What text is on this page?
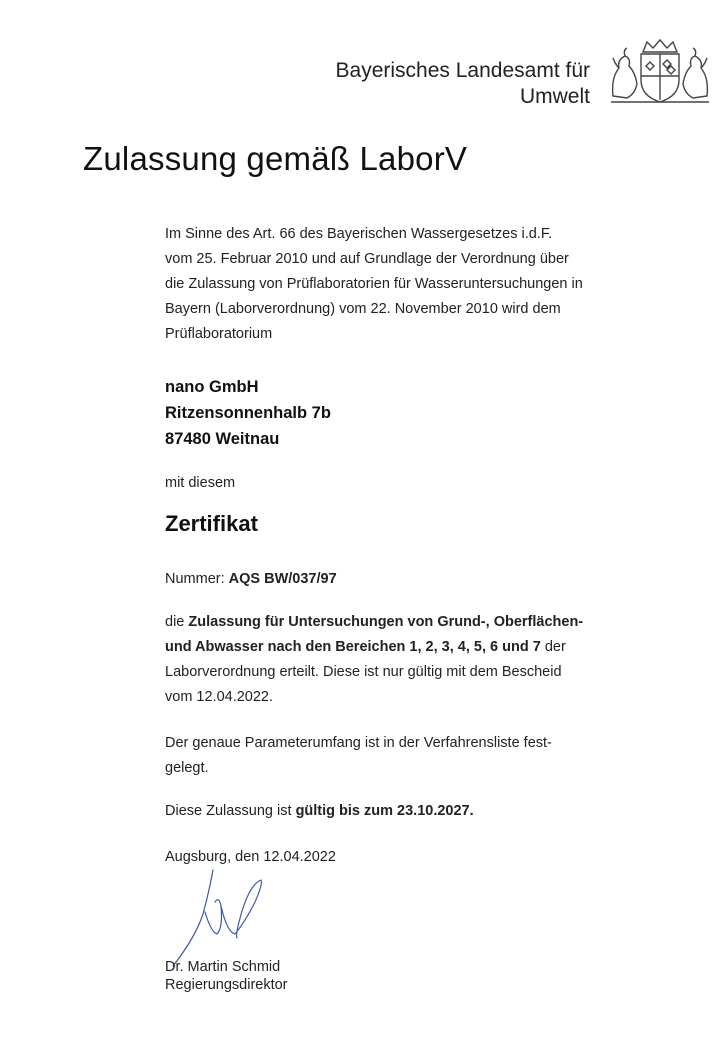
Bayerisches Landesamt für
Umwelt
Zulassung gemäß LaborV
Im Sinne des Art. 66 des Bayerischen Wassergesetzes i.d.F.
vom 25. Februar 2010 und auf Grundlage der Verordnung über
die Zulassung von Prüflaboratorien für Wasseruntersuchungen in
Bayern (Laborverordnung) vom 22. November 2010 wird dem
Prüflaboratorium
nano GmbH
Ritzensonnenhalb 7b
87480 Weitnau
mit diesem
Zertifikat
Nummer: AQS BW/037/97
die Zulassung für Untersuchungen von Grund-, Oberflächen-
und Abwasser nach den Bereichen 1, 2, 3, 4, 5, 6 und 7 der
Laborverordnung erteilt. Diese ist nur gültig mit dem Bescheid
vom 12.04.2022.
Der genaue Parameterumfang ist in der Verfahrensliste fest-
gelegt.
Diese Zulassung ist gültig bis zum 23.10.2027.
Augsburg, den 12.04.2022
Dr. Martin Schmid
Regierungsdirektor
